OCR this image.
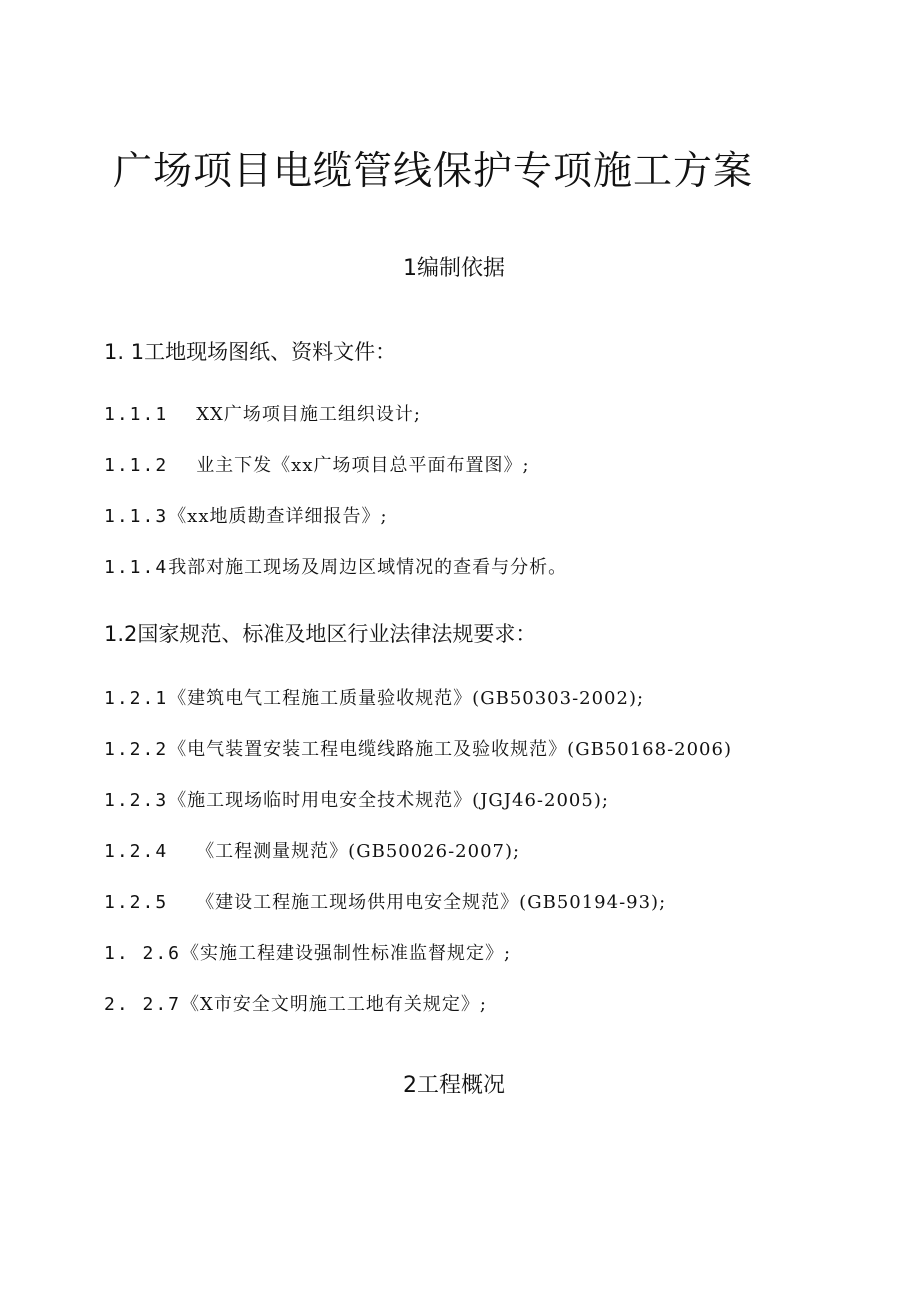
广场项目电缆管线保护专项施工方案
1编制依据
1. 1工地现场图纸、资料文件：
1.1.1 XX广场项目施工组织设计;
1.1.2 业主下发《xx广场项目总平面布置图》;
1.1.3《xx地质勘查详细报告》;
1.1.4我部对施工现场及周边区域情况的查看与分析。
1.2国家规范、标准及地区行业法律法规要求：
1.2.1《建筑电气工程施工质量验收规范》(GB50303-2002);
1.2.2《电气装置安装工程电缆线路施工及验收规范》(GB50168-2006)
1.2.3《施工现场临时用电安全技术规范》(JGJ46-2005);
1.2.4 《工程测量规范》(GB50026-2007);
1.2.5 《建设工程施工现场供用电安全规范》(GB50194-93);
1. 2.6《实施工程建设强制性标准监督规定》;
2. 2.7《X市安全文明施工工地有关规定》;
2工程概况
